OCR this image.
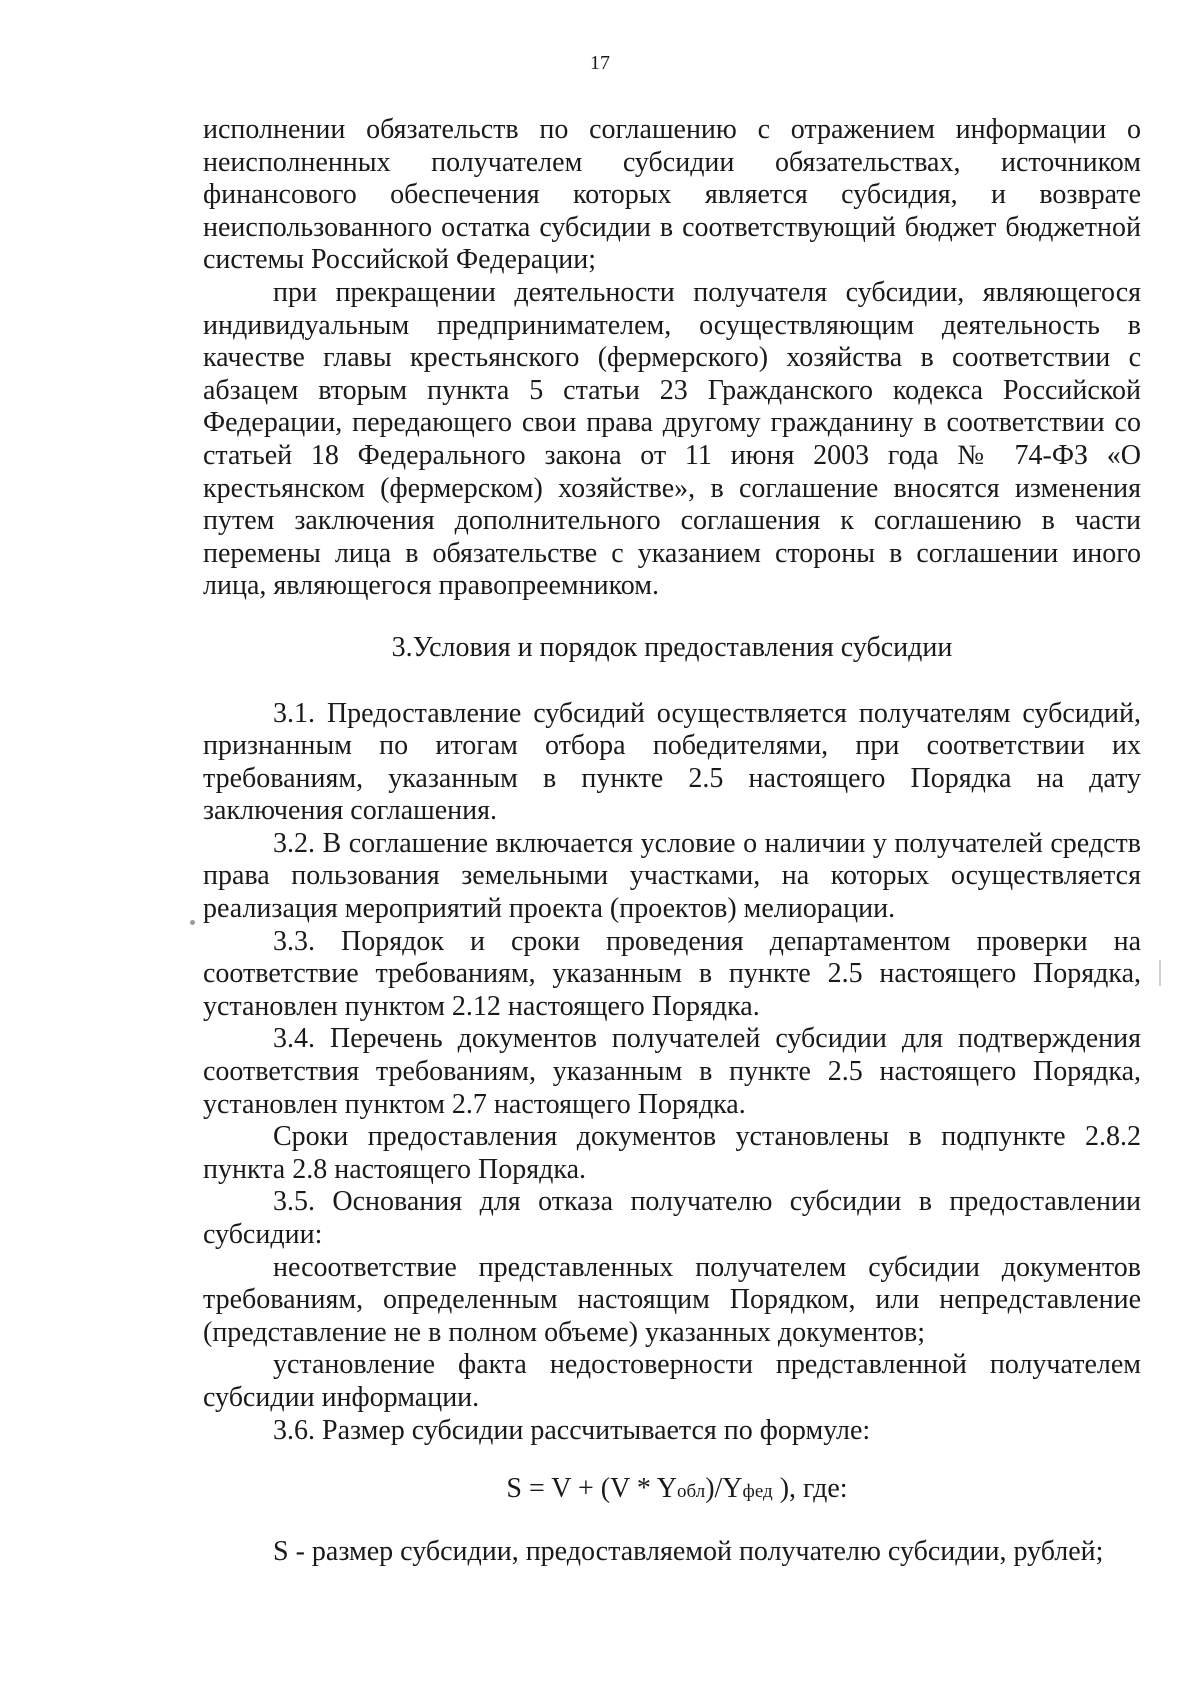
17

исполнении обязательств по соглашению с отражением информации о неисполненных получателем субсидии обязательствах, источником финансового обеспечения которых является субсидия, и возврате неиспользованного остатка субсидии в соответствующий бюджет бюджетной системы Российской Федерации;

при прекращении деятельности получателя субсидии, являющегося индивидуальным предпринимателем, осуществляющим деятельность в качестве главы крестьянского (фермерского) хозяйства в соответствии с абзацем вторым пункта 5 статьи 23 Гражданского кодекса Российской Федерации, передающего свои права другому гражданину в соответствии со статьей 18 Федерального закона от 11 июня 2003 года № 74-ФЗ «О крестьянском (фермерском) хозяйстве», в соглашение вносятся изменения путем заключения дополнительного соглашения к соглашению в части перемены лица в обязательстве с указанием стороны в соглашении иного лица, являющегося правопреемником.

3.Условия и порядок предоставления субсидии

3.1. Предоставление субсидий осуществляется получателям субсидий, признанным по итогам отбора победителями, при соответствии их требованиям, указанным в пункте 2.5 настоящего Порядка на дату заключения соглашения.

3.2. В соглашение включается условие о наличии у получателей средств права пользования земельными участками, на которых осуществляется реализация мероприятий проекта (проектов) мелиорации.

3.3. Порядок и сроки проведения департаментом проверки на соответствие требованиям, указанным в пункте 2.5 настоящего Порядка, установлен пунктом 2.12 настоящего Порядка.

3.4. Перечень документов получателей субсидии для подтверждения соответствия требованиям, указанным в пункте 2.5 настоящего Порядка, установлен пунктом 2.7 настоящего Порядка.

Сроки предоставления документов установлены в подпункте 2.8.2 пункта 2.8 настоящего Порядка.

3.5. Основания для отказа получателю субсидии в предоставлении субсидии:

несоответствие представленных получателем субсидии документов требованиям, определенным настоящим Порядком, или непредставление (представление не в полном объеме) указанных документов;

установление факта недостоверности представленной получателем субсидии информации.

3.6. Размер субсидии рассчитывается по формуле:

S = V + (V * Yобл)/Yфед ), где:

S - размер субсидии, предоставляемой получателю субсидии, рублей;
